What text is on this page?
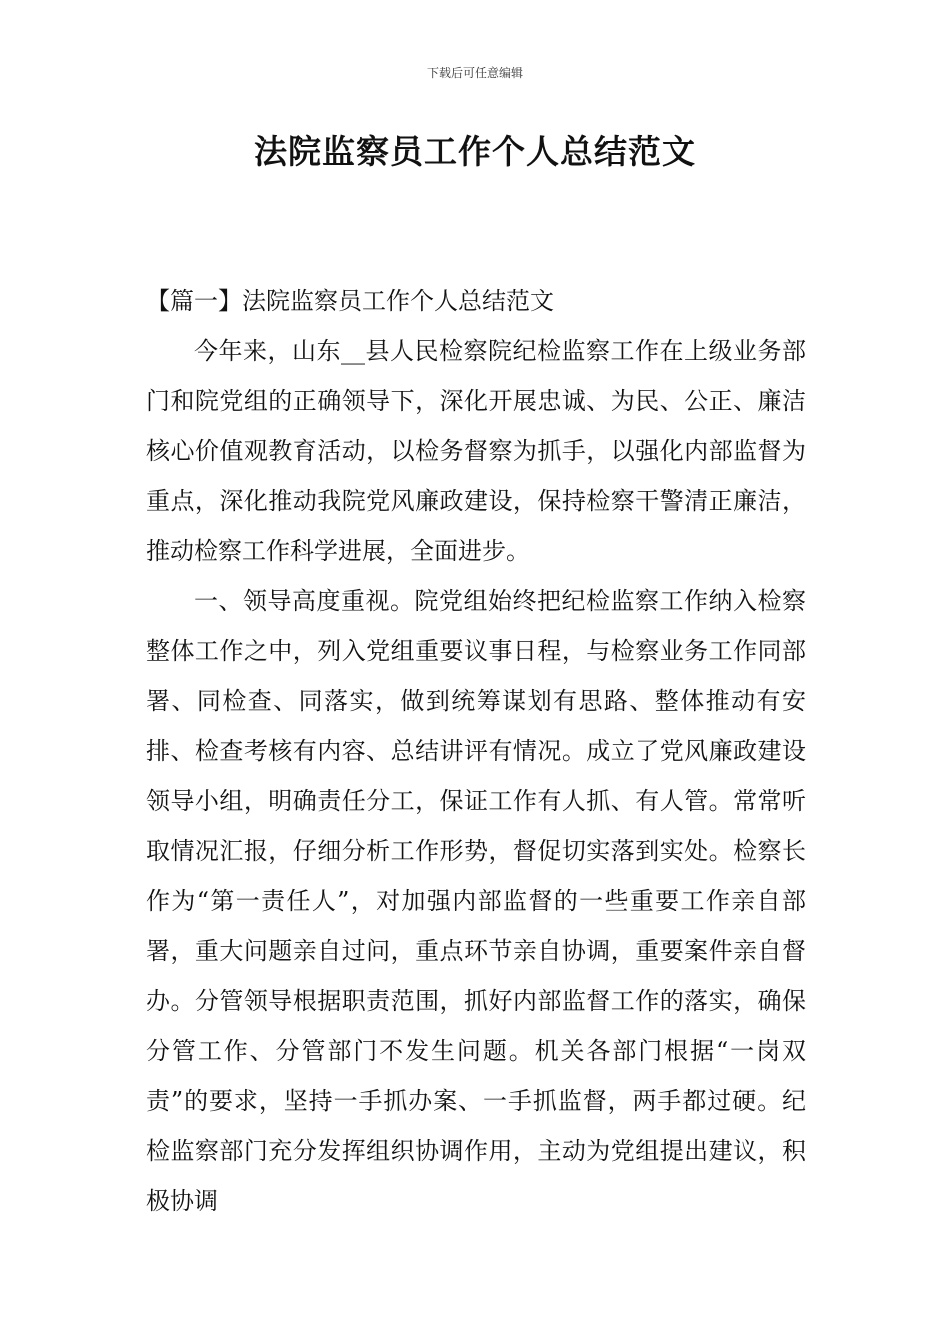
下载后可任意编辑
法院监察员工作个人总结范文

【篇一】法院监察员工作个人总结范文

今年来，山东__县人民检察院纪检监察工作在上级业务部门和院党组的正确领导下，深化开展忠诚、为民、公正、廉洁核心价值观教育活动，以检务督察为抓手，以强化内部监督为重点，深化推动我院党风廉政建设，保持检察干警清正廉洁，推动检察工作科学进展，全面进步。

一、领导高度重视。院党组始终把纪检监察工作纳入检察整体工作之中，列入党组重要议事日程，与检察业务工作同部署、同检查、同落实，做到统筹谋划有思路、整体推动有安排、检查考核有内容、总结讲评有情况。成立了党风廉政建设领导小组，明确责任分工，保证工作有人抓、有人管。常常听取情况汇报，仔细分析工作形势，督促切实落到实处。检察长作为“第一责任人”，对加强内部监督的一些重要工作亲自部署，重大问题亲自过问，重点环节亲自协调，重要案件亲自督办。分管领导根据职责范围，抓好内部监督工作的落实，确保分管工作、分管部门不发生问题。机关各部门根据“一岗双责”的要求，坚持一手抓办案、一手抓监督，两手都过硬。纪检监察部门充分发挥组织协调作用，主动为党组提出建议，积极协调
